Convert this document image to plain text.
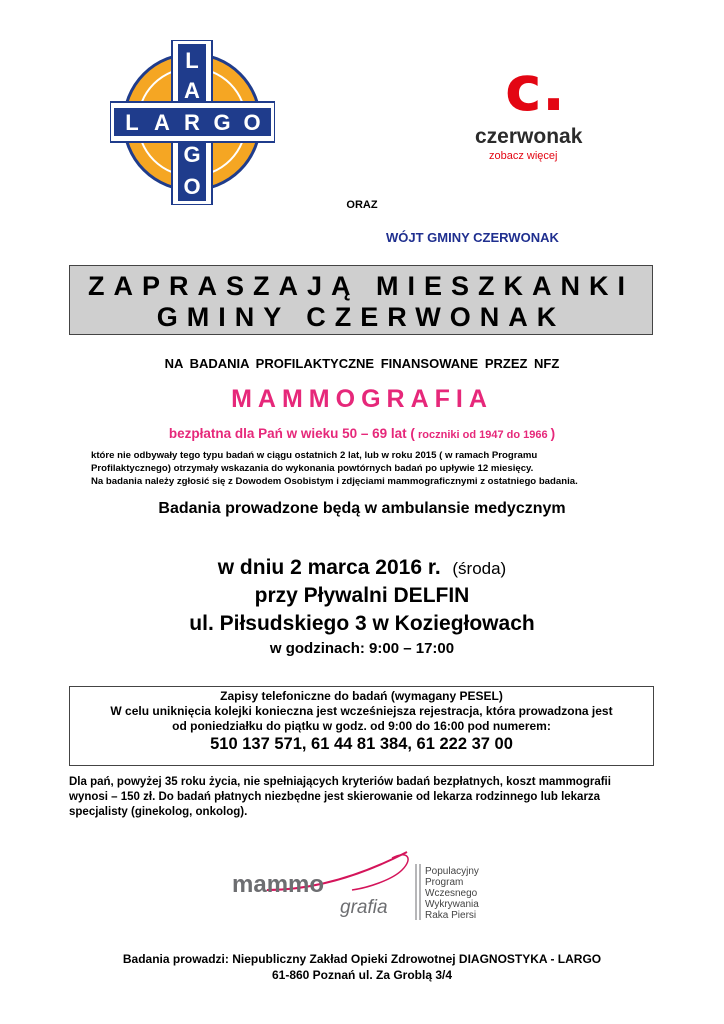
L A G O
L
A
R
G
O
c.
czerwonak
zobacz więcej
ORAZ
WÓJT GMINY CZERWONAK
ZAPRASZAJĄ MIESZKANKI
GMINY CZERWONAK
NA BADANIA PROFILAKTYCZNE FINANSOWANE PRZEZ NFZ
MAMMOGRAFIA
bezpłatna dla Pań w wieku 50 – 69 lat ( roczniki od 1947 do 1966 )
które nie odbywały tego typu badań w ciągu ostatnich 2 lat, lub w roku 2015 ( w ramach Programu
Profilaktycznego) otrzymały wskazania do wykonania powtórnych badań po upływie 12 miesięcy.
Na badania należy zgłosić się z Dowodem Osobistym i zdjęciami mammograficznymi z ostatniego badania.
Badania prowadzone będą w ambulansie medycznym
w dniu 2 marca 2016 r. (środa)
przy Pływalni DELFIN
ul. Piłsudskiego 3 w Koziegłowach
w godzinach: 9:00 – 17:00
Zapisy telefoniczne do badań (wymagany PESEL)
W celu uniknięcia kolejki konieczna jest wcześniejsza rejestracja, która prowadzona jest
od poniedziałku do piątku w godz. od 9:00 do 16:00 pod numerem:
510 137 571, 61 44 81 384, 61 222 37 00
Dla pań, powyżej 35 roku życia, nie spełniających kryteriów badań bezpłatnych, koszt mammografii
wynosi – 150 zł. Do badań płatnych niezbędne jest skierowanie od lekarza rodzinnego lub lekarza
specjalisty (ginekolog, onkolog).
mammo
grafia
Populacyjny
Program
Wczesnego
Wykrywania
Raka Piersi
Badania prowadzi: Niepubliczny Zakład Opieki Zdrowotnej DIAGNOSTYKA - LARGO
61-860 Poznań ul. Za Groblą 3/4
